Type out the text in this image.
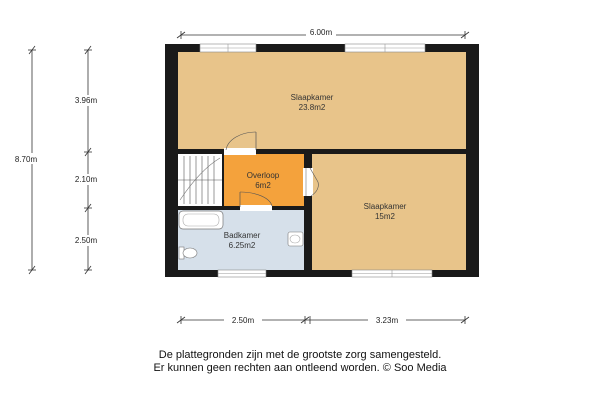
6.00m
8.70m
3.96m
2.10m
2.50m
2.50m	3.23m
Slaapkamer
23.8m2
Overloop
6m2
Slaapkamer
15m2
Badkamer
6.25m2
De plattegronden zijn met de grootste zorg samengesteld.
Er kunnen geen rechten aan ontleend worden. © Soo Media
